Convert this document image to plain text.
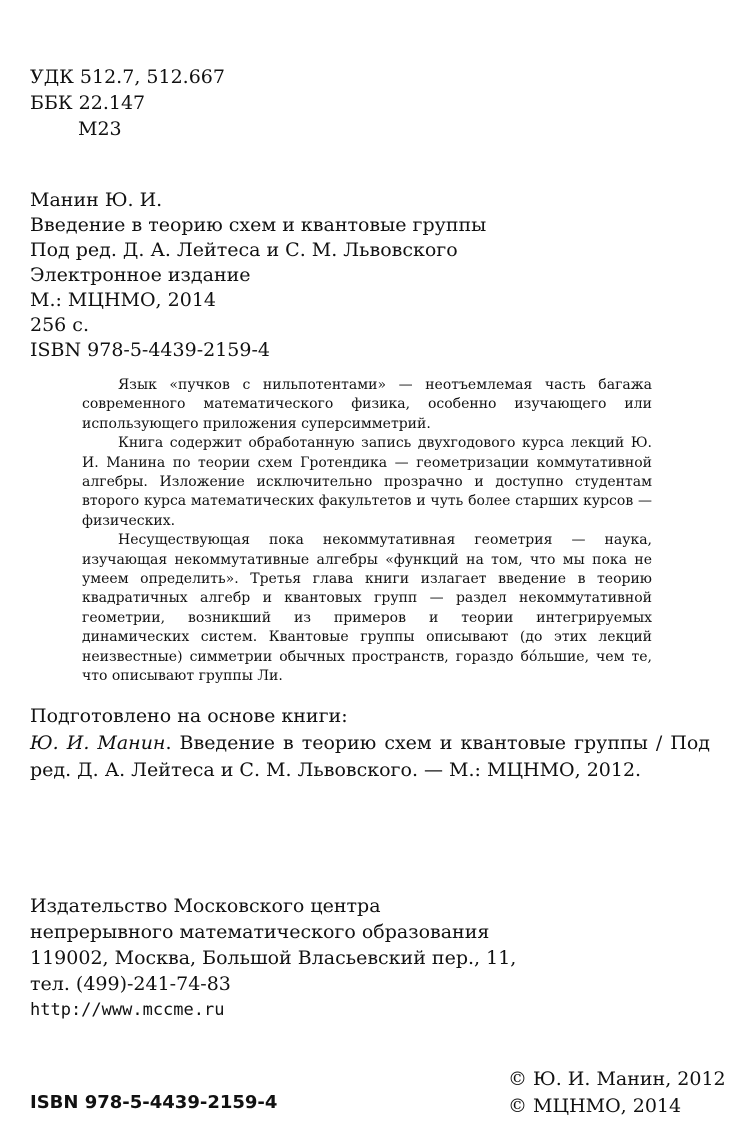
УДК 512.7, 512.667
ББК 22.147
М23
Манин Ю. И.
Введение в теорию схем и квантовые группы
Под ред. Д. А. Лейтеса и С. М. Львовского
Электронное издание
М.: МЦНМО, 2014
256 с.
ISBN 978-5-4439-2159-4

Язык «пучков с нильпотентами» — неотъемлемая часть багажа современного математического физика, особенно изучающего или использующего приложения суперсимметрий.

Книга содержит обработанную запись двухгодового курса лекций Ю. И. Манина по теории схем Гротендика — геометризации коммутативной алгебры. Изложение исключительно прозрачно и доступно студентам второго курса математических факультетов и чуть более старших курсов — физических.

Несуществующая пока некоммутативная геометрия — наука, изучающая некоммутативные алгебры «функций на том, что мы пока не умеем определить». Третья глава книги излагает введение в теорию квадратичных алгебр и квантовых групп — раздел некоммутативной геометрии, возникший из примеров и теории интегрируемых динамических систем. Квантовые группы описывают (до этих лекций неизвестные) симметрии обычных пространств, гораздо бóльшие, чем те, что описывают группы Ли.

Подготовлено на основе книги:
Ю. И. Манин. Введение в теорию схем и квантовые группы / Под ред. Д. А. Лейтеса и С. М. Львовского. — М.: МЦНМО, 2012.
Издательство Московского центра
непрерывного математического образования
119002, Москва, Большой Власьевский пер., 11,
тел. (499)-241-74-83
http://www.mccme.ru
ISBN 978-5-4439-2159-4
© Ю. И. Манин, 2012
© МЦНМО, 2014
